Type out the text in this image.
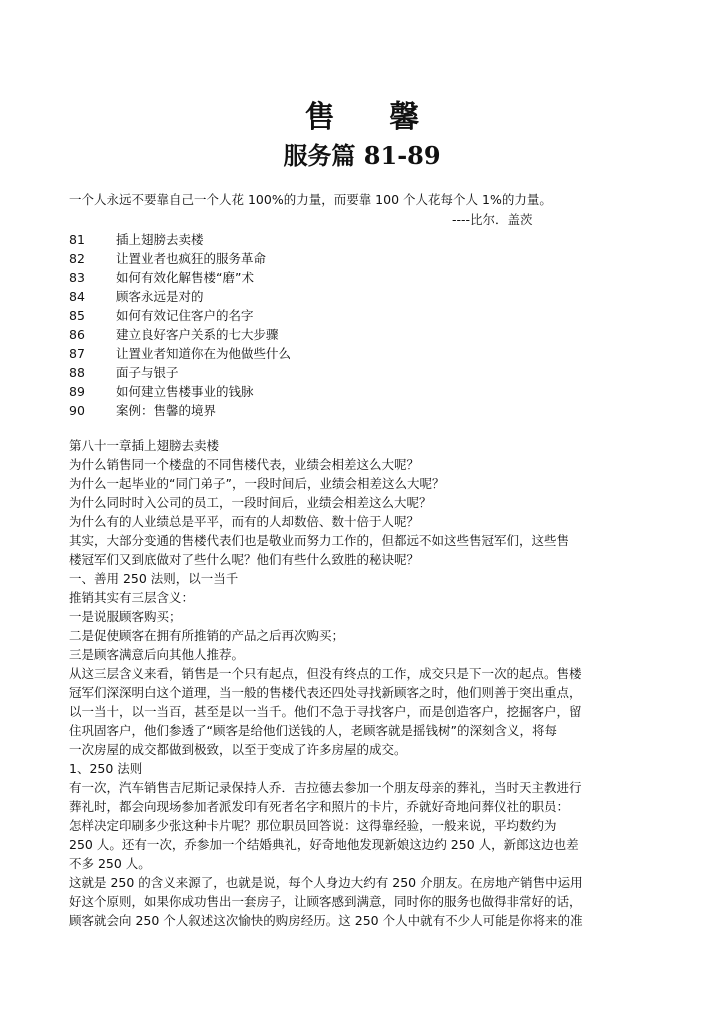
售 馨
服务篇 81-89
一个人永远不要靠自己一个人花 100%的力量，而要靠 100 个人花每个人 1%的力量。
----比尔．盖茨
81 插上翅膀去卖楼
82 让置业者也疯狂的服务革命
83 如何有效化解售楼“磨”术
84 顾客永远是对的
85 如何有效记住客户的名字
86 建立良好客户关系的七大步骤
87 让置业者知道你在为他做些什么
88 面子与银子
89 如何建立售楼事业的钱脉
90 案例：售馨的境界
第八十一章插上翅膀去卖楼
为什么销售同一个楼盘的不同售楼代表，业绩会相差这么大呢？
为什么一起毕业的“同门弟子”，一段时间后，业绩会相差这么大呢？
为什么同时时入公司的员工，一段时间后，业绩会相差这么大呢？
为什么有的人业绩总是平平，而有的人却数倍、数十倍于人呢？
其实，大部分变通的售楼代表们也是敬业而努力工作的，但都远不如这些售冠军们，这些售
楼冠军们又到底做对了些什么呢？他们有些什么致胜的秘诀呢？
一、善用 250 法则，以一当千
推销其实有三层含义：
一是说服顾客购买；
二是促使顾客在拥有所推销的产品之后再次购买；
三是顾客满意后向其他人推荐。
从这三层含义来看，销售是一个只有起点，但没有终点的工作，成交只是下一次的起点。售楼
冠军们深深明白这个道理，当一般的售楼代表还四处寻找新顾客之时，他们则善于突出重点，
以一当十，以一当百，甚至是以一当千。他们不急于寻找客户，而是创造客户，挖掘客户，留
住巩固客户，他们参透了“顾客是给他们送钱的人，老顾客就是摇钱树”的深刻含义，将每
一次房屋的成交都做到极致，以至于变成了许多房屋的成交。
1、250 法则
有一次，汽车销售吉尼斯记录保持人乔．吉拉德去参加一个朋友母亲的葬礼，当时天主教进行
葬礼时，都会向现场参加者派发印有死者名字和照片的卡片，乔就好奇地问葬仪社的职员：
怎样决定印刷多少张这种卡片呢？那位职员回答说：这得靠经验，一般来说，平均数约为
250 人。还有一次，乔参加一个结婚典礼，好奇地他发现新娘这边约 250 人，新郎这边也差
不多 250 人。
这就是 250 的含义来源了，也就是说，每个人身边大约有 250 介朋友。在房地产销售中运用
好这个原则，如果你成功售出一套房子，让顾客感到满意，同时你的服务也做得非常好的话，
顾客就会向 250 个人叙述这次愉快的购房经历。这 250 个人中就有不少人可能是你将来的准
